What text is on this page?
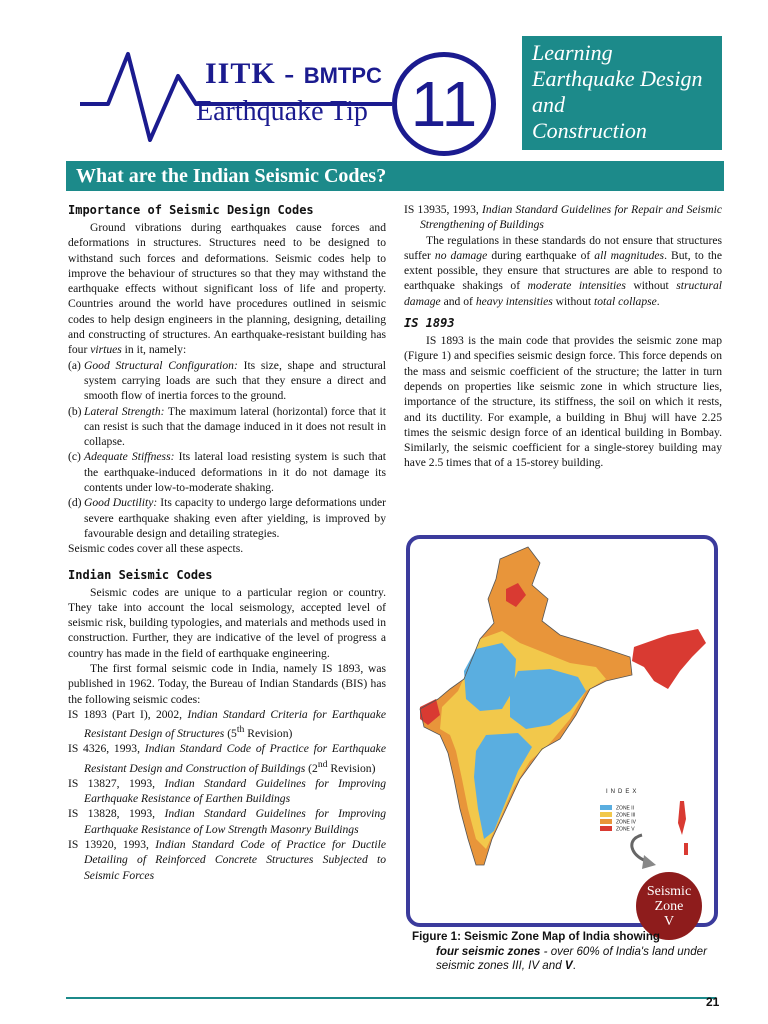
IITK - BMTPC
Earthquake Tip 11
Learning
Earthquake Design
and
Construction
What are the Indian Seismic Codes?
Importance of Seismic Design Codes

Ground vibrations during earthquakes cause forces and deformations in structures. Structures need to be designed to withstand such forces and deformations. Seismic codes help to improve the behaviour of structures so that they may withstand the earthquake effects without significant loss of life and property. Countries around the world have procedures outlined in seismic codes to help design engineers in the planning, designing, detailing and constructing of structures. An earthquake-resistant building has four virtues in it, namely:

(a) Good Structural Configuration: Its size, shape and structural system carrying loads are such that they ensure a direct and smooth flow of inertia forces to the ground.
(b) Lateral Strength: The maximum lateral (horizontal) force that it can resist is such that the damage induced in it does not result in collapse.
(c) Adequate Stiffness: Its lateral load resisting system is such that the earthquake-induced deformations in it do not damage its contents under low-to-moderate shaking.
(d) Good Ductility: Its capacity to undergo large deformations under severe earthquake shaking even after yielding, is improved by favourable design and detailing strategies.

Seismic codes cover all these aspects.

Indian Seismic Codes

Seismic codes are unique to a particular region or country. They take into account the local seismology, accepted level of seismic risk, building typologies, and materials and methods used in construction. Further, they are indicative of the level of progress a country has made in the field of earthquake engineering.

The first formal seismic code in India, namely IS 1893, was published in 1962. Today, the Bureau of Indian Standards (BIS) has the following seismic codes:

IS 1893 (Part I), 2002, Indian Standard Criteria for Earthquake Resistant Design of Structures (5th Revision)

IS 4326, 1993, Indian Standard Code of Practice for Earthquake Resistant Design and Construction of Buildings (2nd Revision)

IS 13827, 1993, Indian Standard Guidelines for Improving Earthquake Resistance of Earthen Buildings

IS 13828, 1993, Indian Standard Guidelines for Improving Earthquake Resistance of Low Strength Masonry Buildings

IS 13920, 1993, Indian Standard Code of Practice for Ductile Detailing of Reinforced Concrete Structures Subjected to Seismic Forces

IS 13935, 1993, Indian Standard Guidelines for Repair and Seismic Strengthening of Buildings

The regulations in these standards do not ensure that structures suffer no damage during earthquake of all magnitudes. But, to the extent possible, they ensure that structures are able to respond to earthquake shakings of moderate intensities without structural damage and of heavy intensities without total collapse.

IS 1893

IS 1893 is the main code that provides the seismic zone map (Figure 1) and specifies seismic design force. This force depends on the mass and seismic coefficient of the structure; the latter in turn depends on properties like seismic zone in which structure lies, importance of the structure, its stiffness, the soil on which it rests, and its ductility. For example, a building in Bhuj will have 2.25 times the seismic design force of an identical building in Bombay. Similarly, the seismic coefficient for a single-storey building may have 2.5 times that of a 15-storey building.

INDEX
ZONE II
ZONE III
ZONE IV
ZONE V
Seismic
Zone
V
Figure 1: Seismic Zone Map of India showing
four seismic zones - over 60% of India's land under seismic zones III, IV and V.
21
